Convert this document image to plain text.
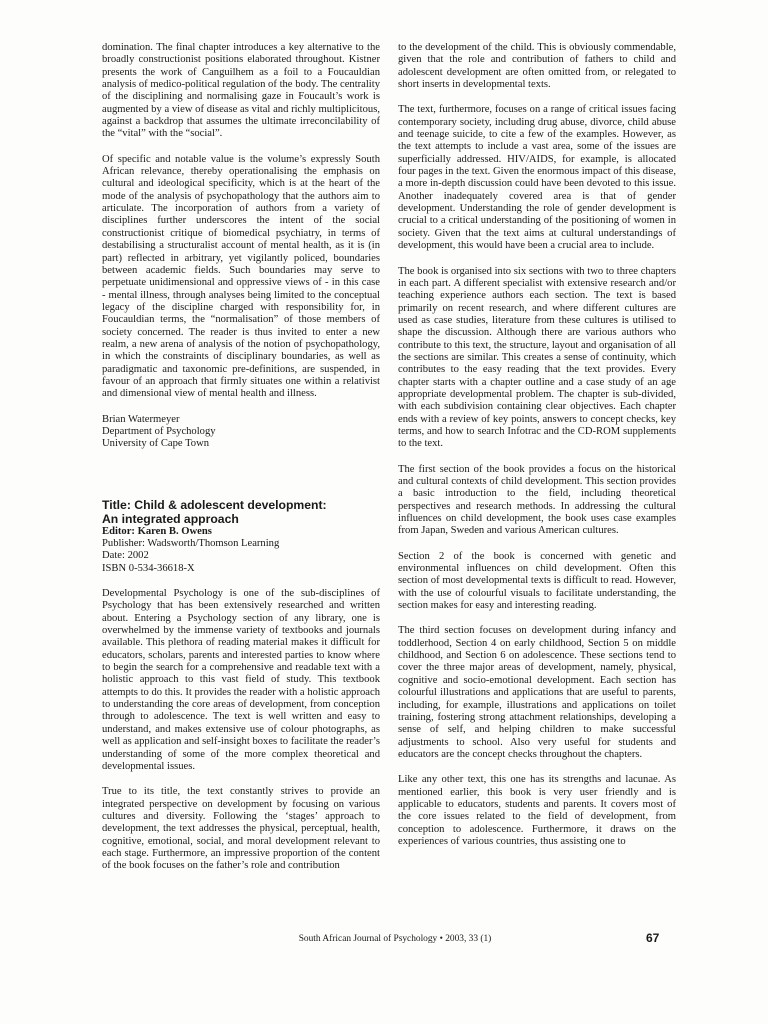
domination. The final chapter introduces a key alternative to the broadly constructionist positions elaborated throughout. Kistner presents the work of Canguilhem as a foil to a Foucauldian analysis of medico-political regulation of the body. The centrality of the disciplining and normalising gaze in Foucault’s work is augmented by a view of disease as vital and richly multiplicitous, against a backdrop that assumes the ultimate irreconcilability of the “vital” with the “social”.

Of specific and notable value is the volume’s expressly South African relevance, thereby operationalising the emphasis on cultural and ideological specificity, which is at the heart of the mode of the analysis of psychopathology that the authors aim to articulate. The incorporation of authors from a variety of disciplines further underscores the intent of the social constructionist critique of biomedical psychiatry, in terms of destabilising a structuralist account of mental health, as it is (in part) reflected in arbitrary, yet vigilantly policed, boundaries between academic fields. Such boundaries may serve to perpetuate unidimensional and oppressive views of - in this case - mental illness, through analyses being limited to the conceptual legacy of the discipline charged with responsibility for, in Foucauldian terms, the “normalisation” of those members of society concerned. The reader is thus invited to enter a new realm, a new arena of analysis of the notion of psychopathology, in which the constraints of disciplinary boundaries, as well as paradigmatic and taxonomic pre-definitions, are suspended, in favour of an approach that firmly situates one within a relativist and dimensional view of mental health and illness.

Brian Watermeyer
Department of Psychology
University of Cape Town
Title: Child & adolescent development:
An integrated approach
Editor: Karen B. Owens
Publisher: Wadsworth/Thomson Learning
Date: 2002
ISBN 0-534-36618-X

Developmental Psychology is one of the sub-disciplines of Psychology that has been extensively researched and written about. Entering a Psychology section of any library, one is overwhelmed by the immense variety of textbooks and journals available. This plethora of reading material makes it difficult for educators, scholars, parents and interested parties to know where to begin the search for a comprehensive and readable text with a holistic approach to this vast field of study. This textbook attempts to do this. It provides the reader with a holistic approach to understanding the core areas of development, from conception through to adolescence. The text is well written and easy to understand, and makes extensive use of colour photographs, as well as application and self-insight boxes to facilitate the reader’s understanding of some of the more complex theoretical and developmental issues.

True to its title, the text constantly strives to provide an integrated perspective on development by focusing on various cultures and diversity. Following the ‘stages’ approach to development, the text addresses the physical, perceptual, health, cognitive, emotional, social, and moral development relevant to each stage. Furthermore, an impressive proportion of the content of the book focuses on the father’s role and contribution

to the development of the child. This is obviously commendable, given that the role and contribution of fathers to child and adolescent development are often omitted from, or relegated to short inserts in developmental texts.

The text, furthermore, focuses on a range of critical issues facing contemporary society, including drug abuse, divorce, child abuse and teenage suicide, to cite a few of the examples. However, as the text attempts to include a vast area, some of the issues are superficially addressed. HIV/AIDS, for example, is allocated four pages in the text. Given the enormous impact of this disease, a more in-depth discussion could have been devoted to this issue. Another inadequately covered area is that of gender development. Understanding the role of gender development is crucial to a critical understanding of the positioning of women in society. Given that the text aims at cultural understandings of development, this would have been a crucial area to include.

The book is organised into six sections with two to three chapters in each part. A different specialist with extensive research and/or teaching experience authors each section. The text is based primarily on recent research, and where different cultures are used as case studies, literature from these cultures is utilised to shape the discussion. Although there are various authors who contribute to this text, the structure, layout and organisation of all the sections are similar. This creates a sense of continuity, which contributes to the easy reading that the text provides. Every chapter starts with a chapter outline and a case study of an age appropriate developmental problem. The chapter is sub-divided, with each subdivision containing clear objectives. Each chapter ends with a review of key points, answers to concept checks, key terms, and how to search Infotrac and the CD-ROM supplements to the text.

The first section of the book provides a focus on the historical and cultural contexts of child development. This section provides a basic introduction to the field, including theoretical perspectives and research methods. In addressing the cultural influences on child development, the book uses case examples from Japan, Sweden and various American cultures.

Section 2 of the book is concerned with genetic and environmental influences on child development. Often this section of most developmental texts is difficult to read. However, with the use of colourful visuals to facilitate understanding, the section makes for easy and interesting reading.

The third section focuses on development during infancy and toddlerhood, Section 4 on early childhood, Section 5 on middle childhood, and Section 6 on adolescence. These sections tend to cover the three major areas of development, namely, physical, cognitive and socio-emotional development. Each section has colourful illustrations and applications that are useful to parents, including, for example, illustrations and applications on toilet training, fostering strong attachment relationships, developing a sense of self, and helping children to make successful adjustments to school. Also very useful for students and educators are the concept checks throughout the chapters.

Like any other text, this one has its strengths and lacunae. As mentioned earlier, this book is very user friendly and is applicable to educators, students and parents. It covers most of the core issues related to the field of development, from conception to adolescence. Furthermore, it draws on the experiences of various countries, thus assisting one to

South African Journal of Psychology • 2003, 33 (1)	67
